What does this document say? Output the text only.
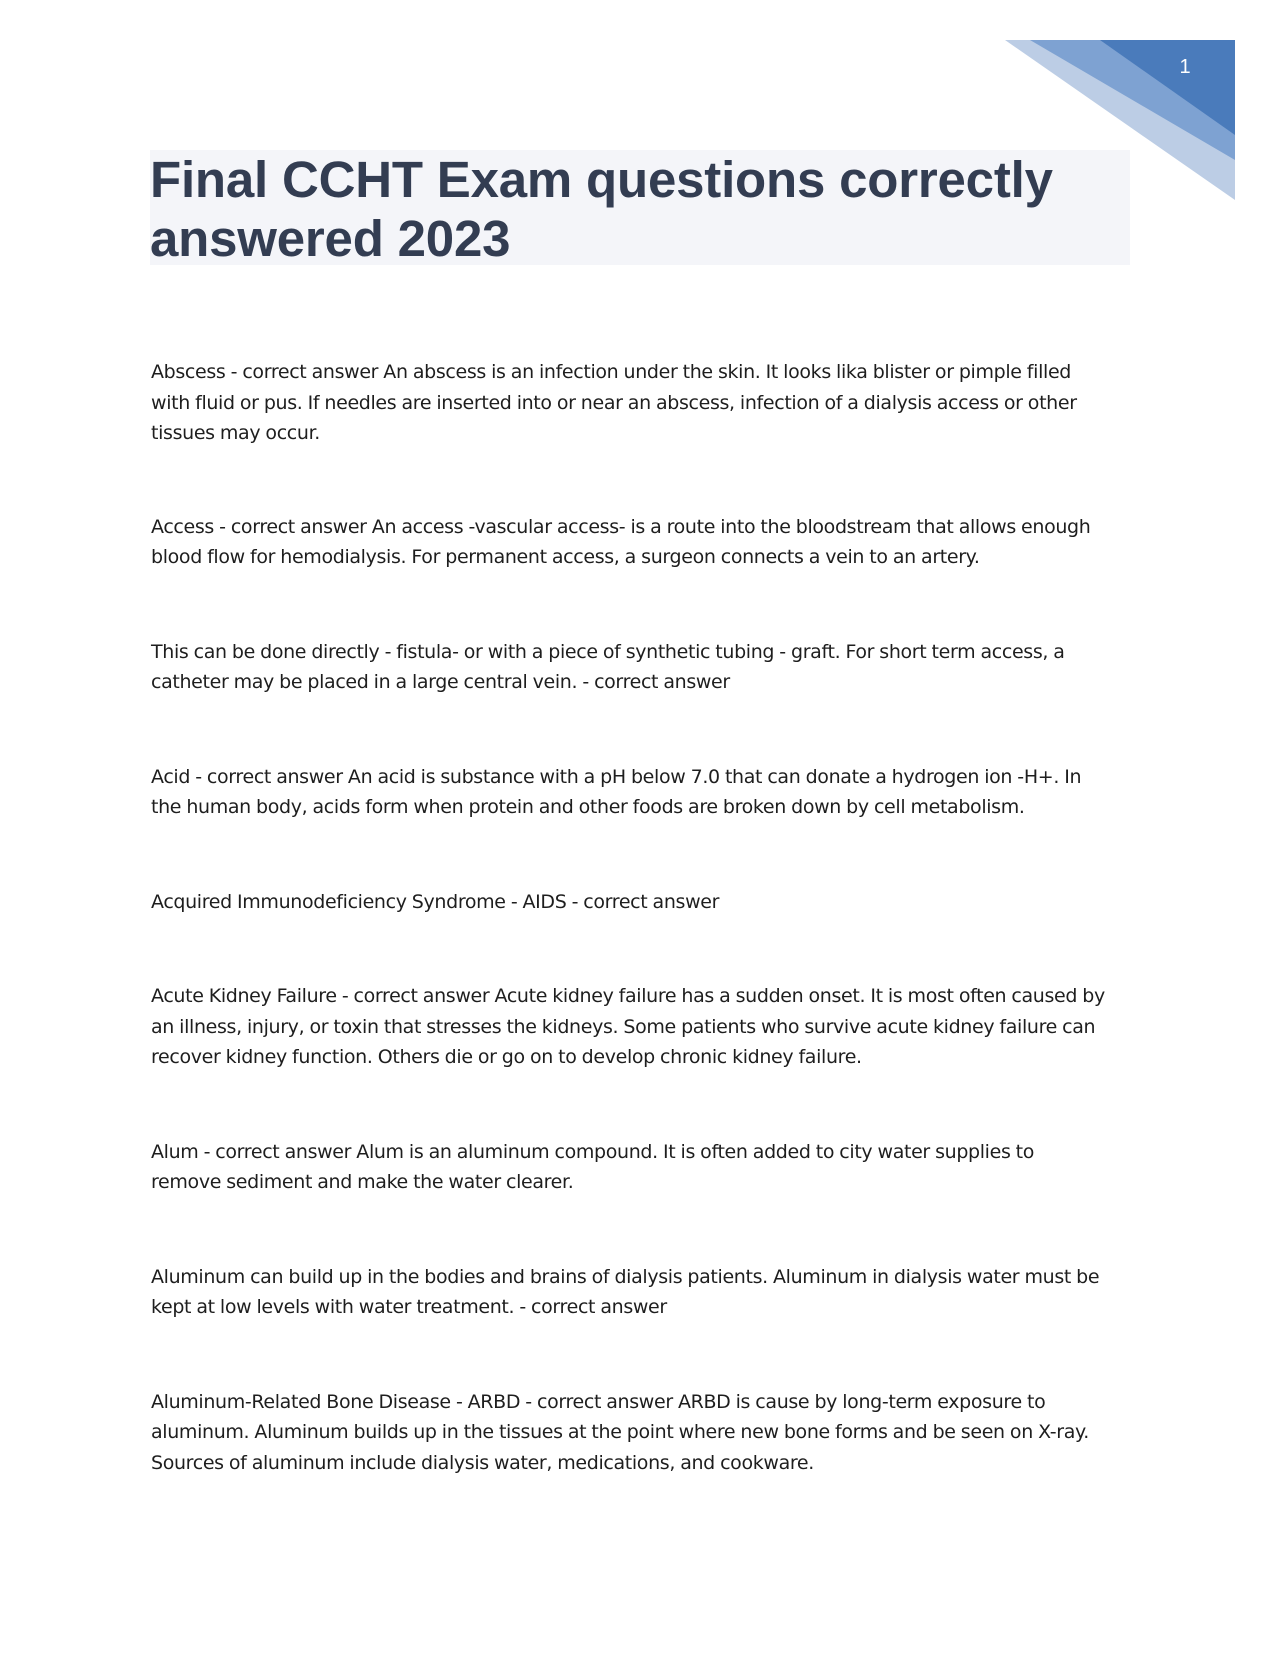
1
Final CCHT Exam questions correctly answered 2023

Abscess - correct answer An abscess is an infection under the skin. It looks lika blister or pimple filled
with fluid or pus. If needles are inserted into or near an abscess, infection of a dialysis access or other
tissues may occur.

Access - correct answer An access -vascular access- is a route into the bloodstream that allows enough
blood flow for hemodialysis. For permanent access, a surgeon connects a vein to an artery.

This can be done directly - fistula- or with a piece of synthetic tubing - graft. For short term access, a
catheter may be placed in a large central vein. - correct answer

Acid - correct answer An acid is substance with a pH below 7.0 that can donate a hydrogen ion -H+. In
the human body, acids form when protein and other foods are broken down by cell metabolism.

Acquired Immunodeficiency Syndrome - AIDS - correct answer

Acute Kidney Failure - correct answer Acute kidney failure has a sudden onset. It is most often caused by
an illness, injury, or toxin that stresses the kidneys. Some patients who survive acute kidney failure can
recover kidney function. Others die or go on to develop chronic kidney failure.

Alum - correct answer Alum is an aluminum compound. It is often added to city water supplies to
remove sediment and make the water clearer.

Aluminum can build up in the bodies and brains of dialysis patients. Aluminum in dialysis water must be
kept at low levels with water treatment. - correct answer

Aluminum-Related Bone Disease - ARBD - correct answer ARBD is cause by long-term exposure to
aluminum. Aluminum builds up in the tissues at the point where new bone forms and be seen on X-ray.
Sources of aluminum include dialysis water, medications, and cookware.
